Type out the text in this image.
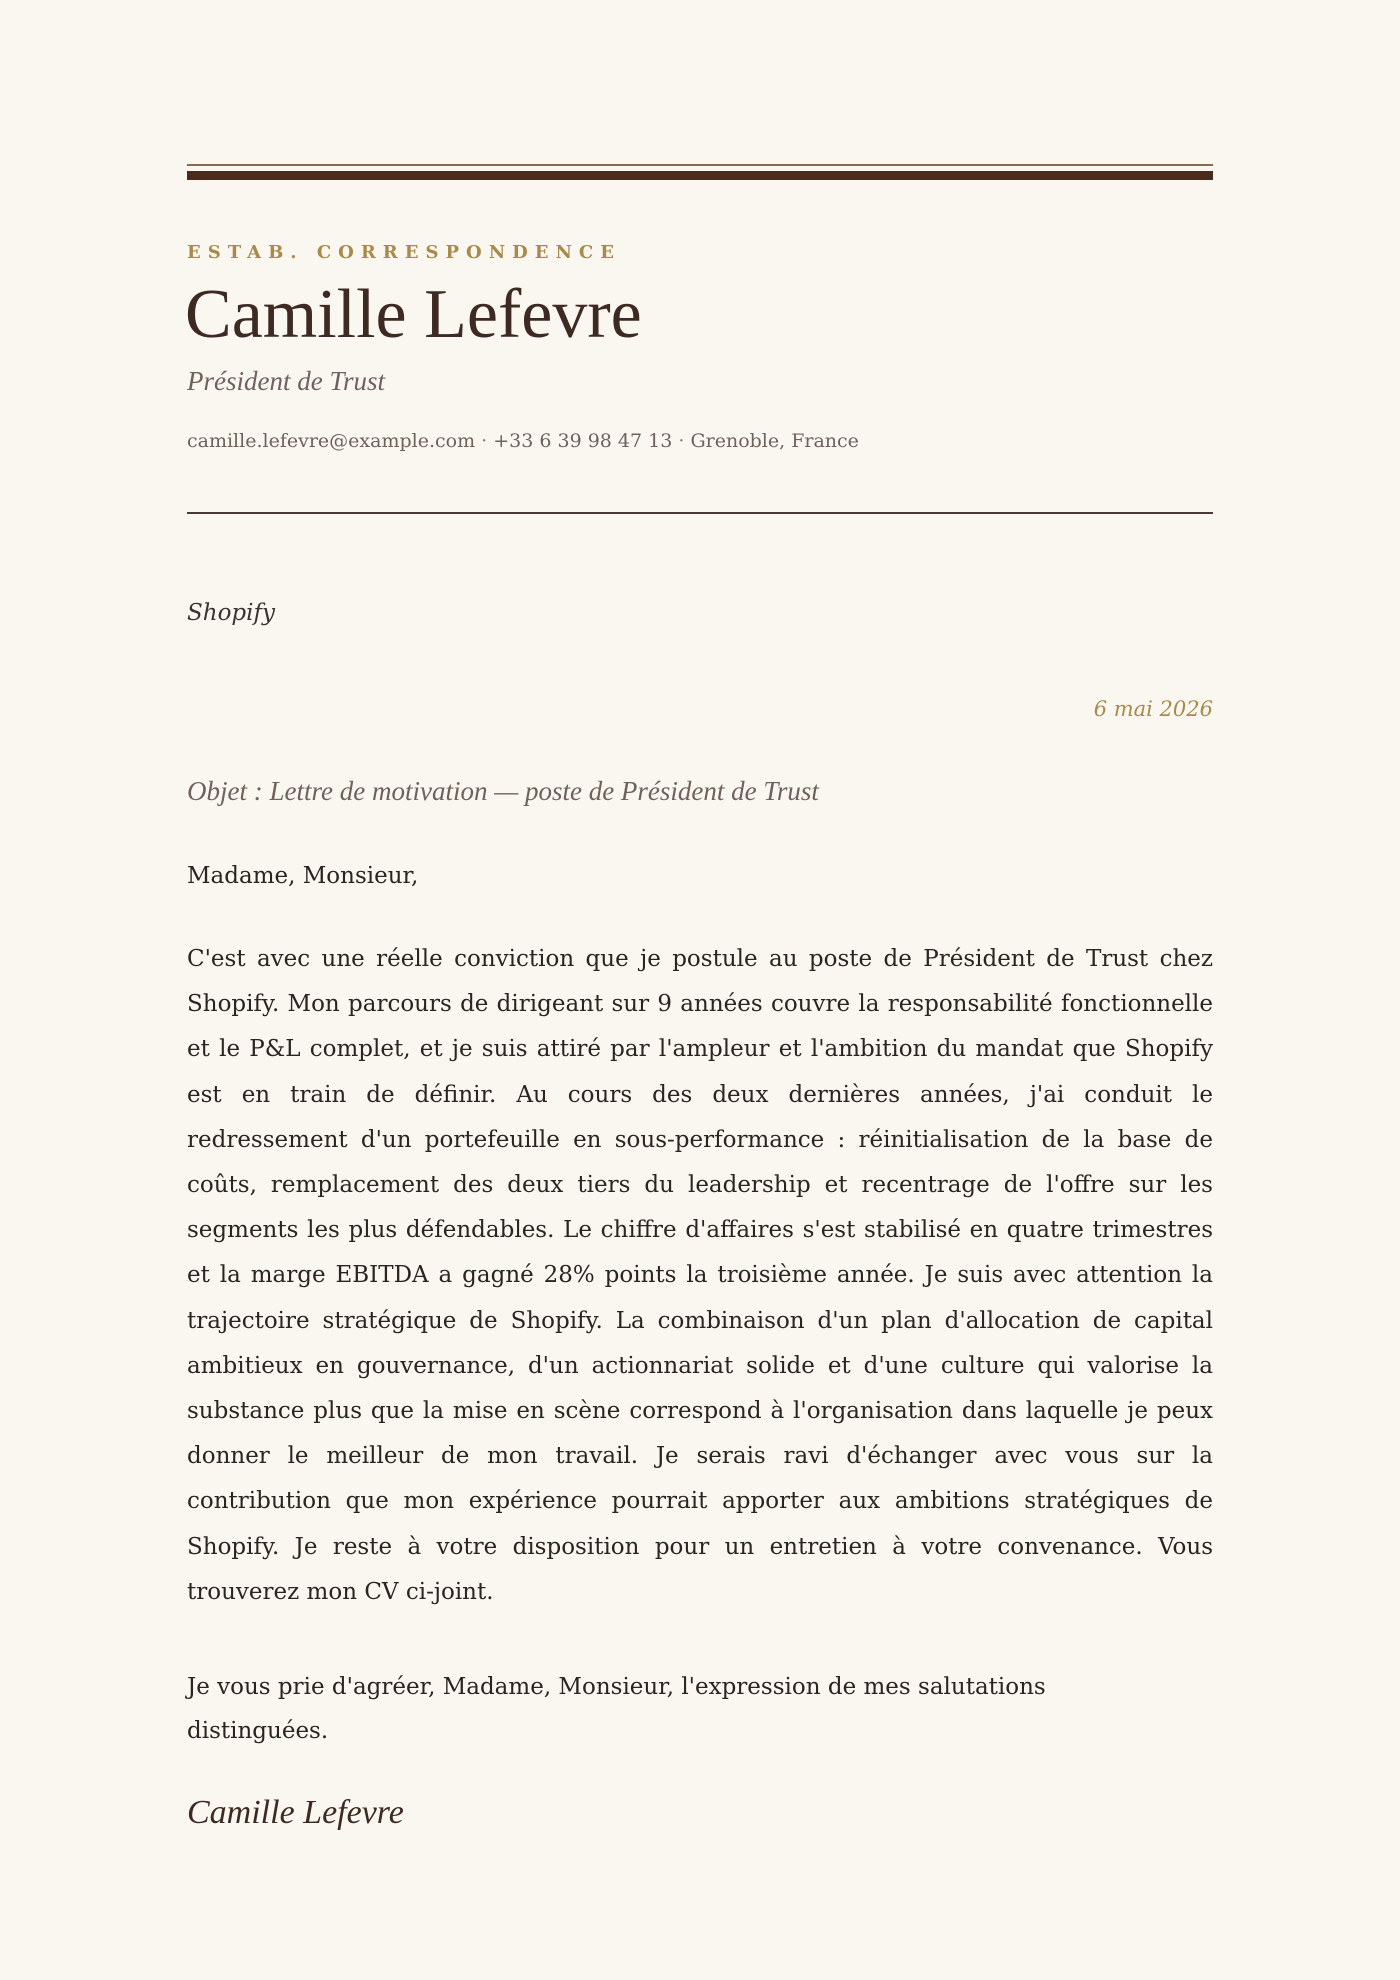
ESTAB. CORRESPONDENCE
Camille Lefevre
Président de Trust
camille.lefevre@example.com · +33 6 39 98 47 13 · Grenoble, France
Shopify
6 mai 2026
Objet : Lettre de motivation — poste de Président de Trust
Madame, Monsieur,

C'est avec une réelle conviction que je postule au poste de Président de Trust chez Shopify. Mon parcours de dirigeant sur 9 années couvre la responsabilité fonctionnelle et le P&L complet, et je suis attiré par l'ampleur et l'ambition du mandat que Shopify est en train de définir. Au cours des deux dernières années, j'ai conduit le redressement d'un portefeuille en sous-performance : réinitialisation de la base de coûts, remplacement des deux tiers du leadership et recentrage de l'offre sur les segments les plus défendables. Le chiffre d'affaires s'est stabilisé en quatre trimestres et la marge EBITDA a gagné 28% points la troisième année. Je suis avec attention la trajectoire stratégique de Shopify. La combinaison d'un plan d'allocation de capital ambitieux en gouvernance, d'un actionnariat solide et d'une culture qui valorise la substance plus que la mise en scène correspond à l'organisation dans laquelle je peux donner le meilleur de mon travail. Je serais ravi d'échanger avec vous sur la contribution que mon expérience pourrait apporter aux ambitions stratégiques de Shopify. Je reste à votre disposition pour un entretien à votre convenance. Vous trouverez mon CV ci-joint.

Je vous prie d'agréer, Madame, Monsieur, l'expression de mes salutations distinguées.

Camille Lefevre
